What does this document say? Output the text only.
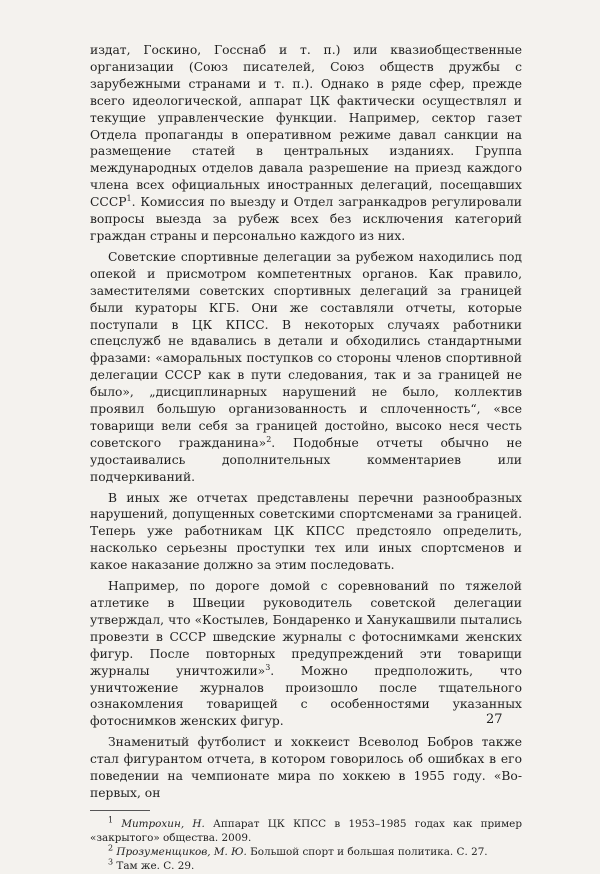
издат, Госкино, Госснаб и т. п.) или квазиобщественные организации (Союз писателей, Союз обществ дружбы с зарубежными странами и т. п.). Однако в ряде сфер, прежде всего идеологической, аппарат ЦК фактически осуществлял и текущие управленческие функции. Например, сектор газет Отдела пропаганды в оперативном режиме давал санкции на размещение статей в центральных изданиях. Группа международных отделов давала разрешение на приезд каждого члена всех официальных иностранных делегаций, посещавших СССР$^1$. Комиссия по выезду и Отдел загранкадров регулировали вопросы выезда за рубеж всех без исключения категорий граждан страны и персонально каждого из них.

Советские спортивные делегации за рубежом находились под опекой и присмотром компетентных органов. Как правило, заместителями советских спортивных делегаций за границей были кураторы КГБ. Они же составляли отчеты, которые поступали в ЦК КПСС. В некоторых случаях работники спецслужб не вдавались в детали и обходились стандартными фразами: «аморальных поступков со стороны членов спортивной делегации СССР как в пути следования, так и за границей не было», „дисциплинарных нарушений не было, коллектив проявил большую организованность и сплоченность“, «все товарищи вели себя за границей достойно, высоко неся честь советского гражданина»$^2$. Подобные отчеты обычно не удостаивались дополнительных комментариев или подчеркиваний.

В иных же отчетах представлены перечни разнообразных нарушений, допущенных советскими спортсменами за границей. Теперь уже работникам ЦК КПСС предстояло определить, насколько серьезны проступки тех или иных спортсменов и какое наказание должно за этим последовать.

Например, по дороге домой с соревнований по тяжелой атлетике в Швеции руководитель советской делегации утверждал, что «Костылев, Бондаренко и Ханукашвили пытались провезти в СССР шведские журналы с фотоснимками женских фигур. После повторных предупреждений эти товарищи журналы уничтожили»$^3$. Можно предположить, что уничтожение журналов произошло после тщательного ознакомления товарищей с особенностями указанных фотоснимков женских фигур.

Знаменитый футболист и хоккеист Всеволод Бобров также стал фигурантом отчета, в котором говорилось об ошибках в его поведении на чемпионате мира по хоккею в 1955 году. «Во-первых, он

$^1$ Митрохин, Н. Аппарат ЦК КПСС в 1953–1985 годах как пример «закрытого» общества. 2009.

$^2$ Прозуменщиков, М. Ю. Большой спорт и большая политика. С. 27.

$^3$ Там же. С. 29.

27
